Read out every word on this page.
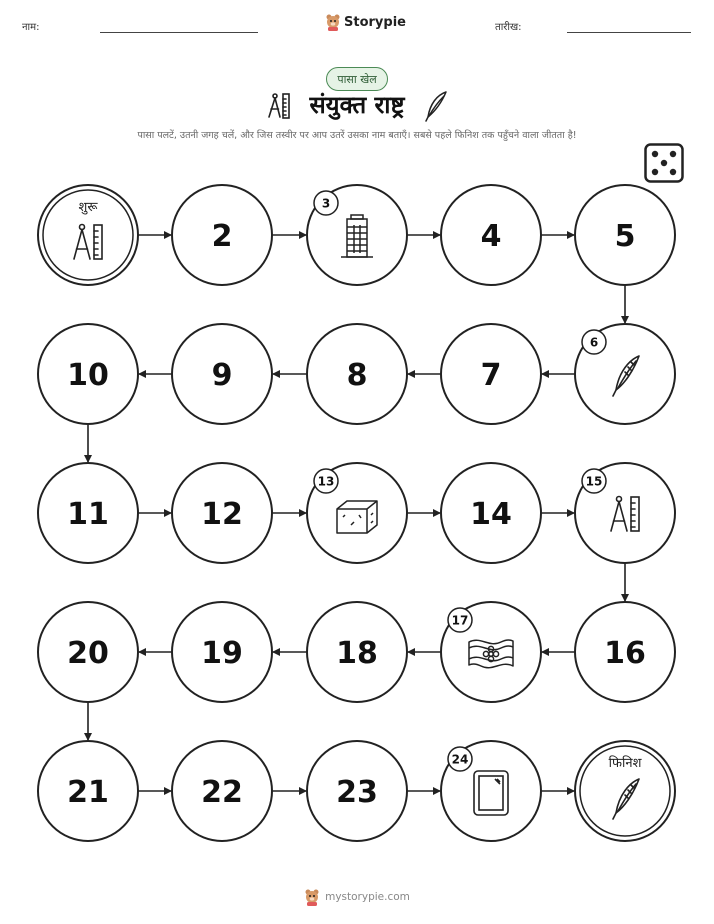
नाम:	Storypie	तारीख:
पासा खेल
संयुक्त राष्ट्र
पासा पलटें, उतनी जगह चलें, और जिस तस्वीर पर आप उतरें उसका नाम बताएँ। सबसे पहले फिनिश तक पहुँचने वाला जीतता है!
शुरू
2
3
4	5
6
7
8
9
10
11	12
13
14
15
16
17
18
19
20
21	22	23
24	फिनिश
mystorypie.com
